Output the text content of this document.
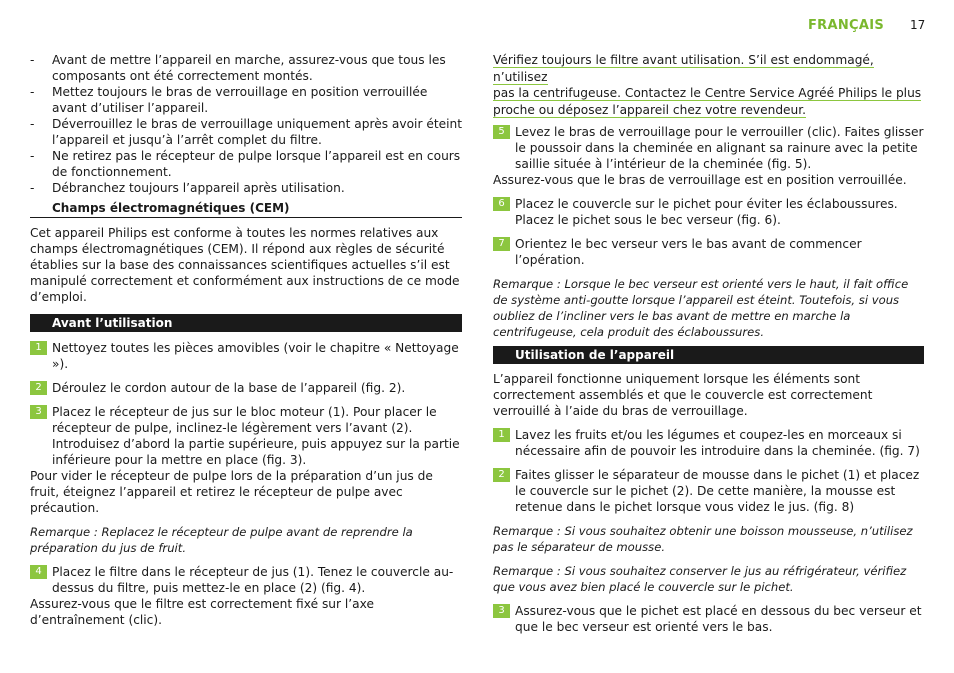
FRANÇAIS 17
- Avant de mettre l’appareil en marche, assurez-vous que tous les composants ont été correctement montés.
- Mettez toujours le bras de verrouillage en position verrouillée avant d’utiliser l’appareil.
- Déverrouillez le bras de verrouillage uniquement après avoir éteint l’appareil et jusqu’à l’arrêt complet du filtre.
- Ne retirez pas le récepteur de pulpe lorsque l’appareil est en cours de fonctionnement.
- Débranchez toujours l’appareil après utilisation.
Champs électromagnétiques (CEM)
Cet appareil Philips est conforme à toutes les normes relatives aux champs électromagnétiques (CEM). Il répond aux règles de sécurité établies sur la base des connaissances scientifiques actuelles s’il est manipulé correctement et conformément aux instructions de ce mode d’emploi.
Avant l’utilisation
1 Nettoyez toutes les pièces amovibles (voir le chapitre « Nettoyage »).
2 Déroulez le cordon autour de la base de l’appareil (fig. 2).
3 Placez le récepteur de jus sur le bloc moteur (1). Pour placer le récepteur de pulpe, inclinez-le légèrement vers l’avant (2). Introduisez d’abord la partie supérieure, puis appuyez sur la partie inférieure pour la mettre en place (fig. 3).
Pour vider le récepteur de pulpe lors de la préparation d’un jus de fruit, éteignez l’appareil et retirez le récepteur de pulpe avec précaution.
Remarque : Replacez le récepteur de pulpe avant de reprendre la préparation du jus de fruit.
4 Placez le filtre dans le récepteur de jus (1). Tenez le couvercle au-dessus du filtre, puis mettez-le en place (2) (fig. 4).
Assurez-vous que le filtre est correctement fixé sur l’axe d’entraînement (clic).
Vérifiez toujours le filtre avant utilisation. S’il est endommagé, n’utilisez
pas la centrifugeuse. Contactez le Centre Service Agréé Philips le plus
proche ou déposez l’appareil chez votre revendeur.
5 Levez le bras de verrouillage pour le verrouiller (clic). Faites glisser le poussoir dans la cheminée en alignant sa rainure avec la petite saillie située à l’intérieur de la cheminée (fig. 5).
Assurez-vous que le bras de verrouillage est en position verrouillée.
6 Placez le couvercle sur le pichet pour éviter les éclaboussures. Placez le pichet sous le bec verseur (fig. 6).
7 Orientez le bec verseur vers le bas avant de commencer l’opération.
Remarque : Lorsque le bec verseur est orienté vers le haut, il fait office de système anti-goutte lorsque l’appareil est éteint. Toutefois, si vous oubliez de l’incliner vers le bas avant de mettre en marche la centrifugeuse, cela produit des éclaboussures.
Utilisation de l’appareil
L’appareil fonctionne uniquement lorsque les éléments sont correctement assemblés et que le couvercle est correctement verrouillé à l’aide du bras de verrouillage.
1 Lavez les fruits et/ou les légumes et coupez-les en morceaux si nécessaire afin de pouvoir les introduire dans la cheminée. (fig. 7)
2 Faites glisser le séparateur de mousse dans le pichet (1) et placez le couvercle sur le pichet (2). De cette manière, la mousse est retenue dans le pichet lorsque vous videz le jus. (fig. 8)
Remarque : Si vous souhaitez obtenir une boisson mousseuse, n’utilisez pas le séparateur de mousse.
Remarque : Si vous souhaitez conserver le jus au réfrigérateur, vérifiez que vous avez bien placé le couvercle sur le pichet.
3 Assurez-vous que le pichet est placé en dessous du bec verseur et que le bec verseur est orienté vers le bas.
